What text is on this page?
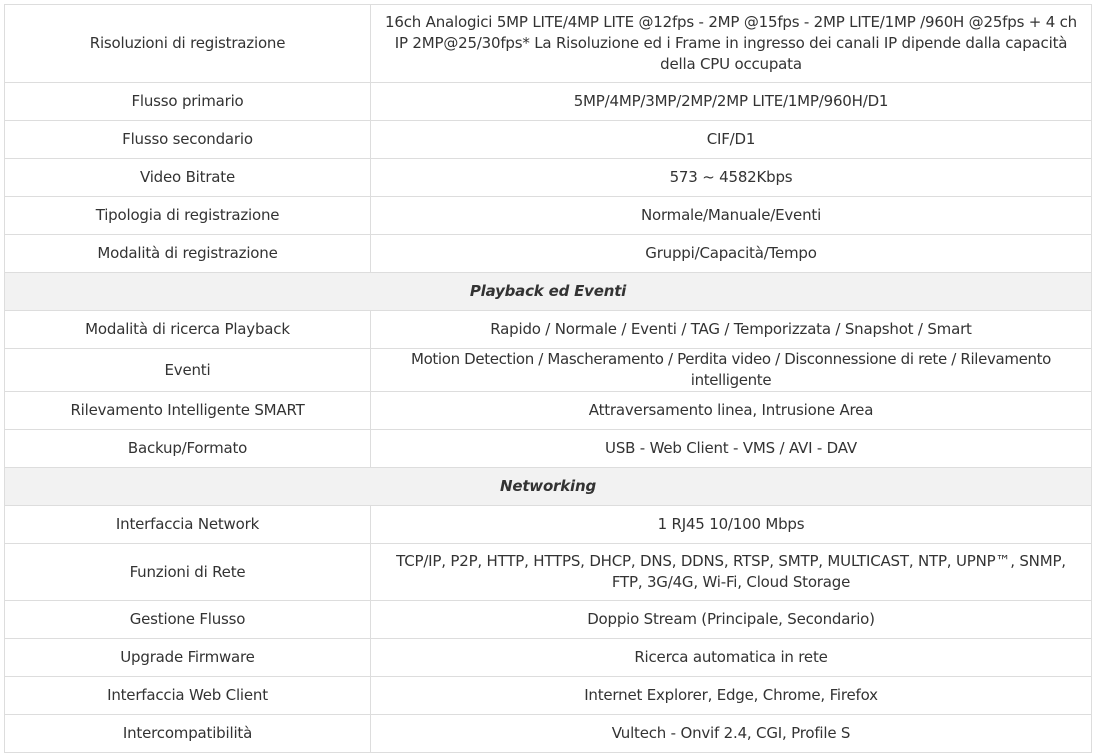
Risoluzioni di registrazione	16ch Analogici 5MP LITE/4MP LITE @12fps - 2MP @15fps - 2MP LITE/1MP /960H @25fps + 4 ch IP 2MP@25/30fps* La Risoluzione ed i Frame in ingresso dei canali IP dipende dalla capacità della CPU occupata
Flusso primario	5MP/4MP/3MP/2MP/2MP LITE/1MP/960H/D1
Flusso secondario	CIF/D1
Video Bitrate	573 ~ 4582Kbps
Tipologia di registrazione	Normale/Manuale/Eventi
Modalità di registrazione	Gruppi/Capacità/Tempo
Playback ed Eventi	
Modalità di ricerca Playback	Rapido / Normale / Eventi / TAG / Temporizzata / Snapshot / Smart
Eventi	Motion Detection / Mascheramento / Perdita video / Disconnessione di rete / Rilevamento intelligente
Rilevamento Intelligente SMART	Attraversamento linea, Intrusione Area
Backup/Formato	USB - Web Client - VMS / AVI - DAV
Networking	
Interfaccia Network	1 RJ45 10/100 Mbps
Funzioni di Rete	TCP/IP, P2P, HTTP, HTTPS, DHCP, DNS, DDNS, RTSP, SMTP, MULTICAST, NTP, UPNP™, SNMP, FTP, 3G/4G, Wi-Fi, Cloud Storage
Gestione Flusso	Doppio Stream (Principale, Secondario)
Upgrade Firmware	Ricerca automatica in rete
Interfaccia Web Client	Internet Explorer, Edge, Chrome, Firefox
Intercompatibilità	Vultech - Onvif 2.4, CGI, Profile S
